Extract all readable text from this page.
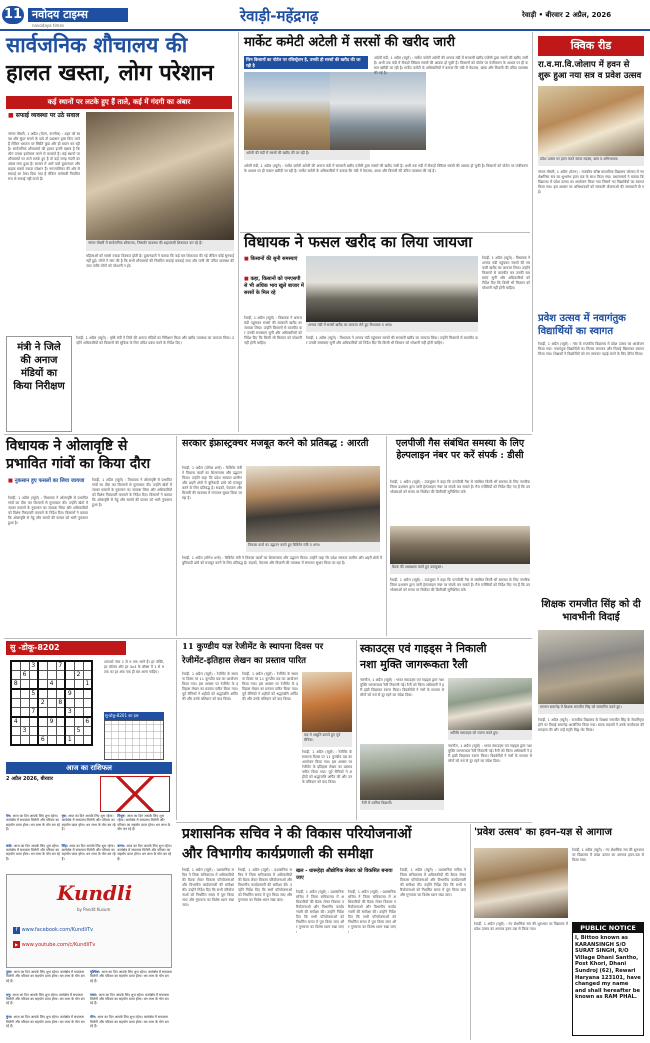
11 नवोदय टाइम्स	रेवाड़ी-महेंद्रगढ़	रेवाड़ी • बीरवार 2 अप्रैल, 2026
navodaya times
सार्वजनिक शौचालय की
हालत खस्ता, लोग परेशान
कई स्थानों पर लटके हुए हैं ताले, कई में गंदगी का अंबार
■ सफाई व्यवस्था पर उठे सवाल
नांगल चौधरी, 1 अप्रैल (चेतन, नारनौल) : शहर को स्वच्छ और सुंदर बनाने के दावे तो प्रशासन द्वारा किए जाते हैं लेकिन धरातल पर स्थिति कुछ और ही बयान कर रही है। सार्वजनिक शौचालयों की हालत इतनी खराब है कि लोग उनका इस्तेमाल करने से कतराते हैं। कई स्थानों पर शौचालयों पर ताले लटके हुए हैं तो कई जगह गंदगी का अंबार लगा हुआ है। बाजार में आने वाले दुकानदार और ग्राहक सबसे ज्यादा परेशान हैं। नगरपालिका की ओर से सफाई का ठेका दिया गया है लेकिन कर्मचारी नियमित रूप से सफाई नहीं करते हैं।
नांगल चौधरी में सार्वजनिक शौचालय, जिसकी व्यवस्था की शहरवासी शिकायत कर रहे हैं।
महिलाओं को सबसे ज्यादा दिक्कत होती है। दुकानदारों ने बताया कि कई बार शिकायत की गई लेकिन कोई सुनवाई नहीं हुई। लोगों ने मांग की है कि सभी शौचालयों की नियमित सफाई करवाई जाए और पानी की उचित व्यवस्था की जाए ताकि लोगों को परेशानी न हो।
मंत्री ने जिले की अनाज मंडियों का किया निरीक्षण
रेवाड़ी, 1 अप्रैल (ब्यूरो) : कृषि मंत्री ने जिले की अनाज मंडियों का निरीक्षण किया और खरीद व्यवस्था का जायजा लिया। उन्होंने अधिकारियों को किसानों की सुविधा के लिए उचित प्रबंध करने के निर्देश दिए।
मार्केट कमेटी अटेली में सरसों की खरीद जारी
जिन किसानों का पोर्टल पर रजिस्ट्रेशन है, उनकी ही सरसों की खरीद की जा रही है
अटेली की मंडी में सरसों की खरीद की जा रही है।
अटेली मंडी, 1 अप्रैल (ब्यूरो) : मार्केट कमेटी अटेली की अनाज मंडी में सरकारी खरीद एजेंसी द्वारा सरसों की खरीद जारी है। अभी तक मंडी में सैकड़ों क्विंटल सरसों की आवक हो चुकी है। किसानों को पोर्टल पर पंजीकरण के आधार पर ही फसल खरीदी जा रही है। मार्केट कमेटी के अधिकारियों ने बताया कि मंडी में पेयजल, छाया और बिजली की उचित व्यवस्था की गई है।
अटेली मंडी, 1 अप्रैल (ब्यूरो) : मार्केट कमेटी अटेली की अनाज मंडी में सरकारी खरीद एजेंसी द्वारा सरसों की खरीद जारी है। अभी तक मंडी में सैकड़ों क्विंटल सरसों की आवक हो चुकी है। किसानों को पोर्टल पर पंजीकरण के आधार पर ही फसल खरीदी जा रही है। मार्केट कमेटी के अधिकारियों ने बताया कि मंडी में पेयजल, छाया और बिजली की उचित व्यवस्था की गई है।
विधायक ने फसल खरीद का लिया जायजा
■ किसानों की सुनी समस्याएं
■ कहा, किसानों को एमएसपी से भी अधिक भाव खुले बाजार में सरसों के मिल रहे
रेवाड़ी, 1 अप्रैल (ब्यूरो) : विधायक ने अनाज मंडी पहुंचकर सरसों की सरकारी खरीद का जायजा लिया। उन्होंने किसानों से बातचीत कर उनकी समस्याएं सुनीं और अधिकारियों को निर्देश दिए कि किसी भी किसान को परेशानी नहीं होनी चाहिए।
अनाज मंडी में सरसों खरीद का जायजा लेते हुए विधायक व अन्य।
रेवाड़ी, 1 अप्रैल (ब्यूरो) : विधायक ने अनाज मंडी पहुंचकर सरसों की सरकारी खरीद का जायजा लिया। उन्होंने किसानों से बातचीत कर उनकी समस्याएं सुनीं और अधिकारियों को निर्देश दिए कि किसी भी किसान को परेशानी नहीं होनी चाहिए।
रेवाड़ी, 1 अप्रैल (ब्यूरो) : विधायक ने अनाज मंडी पहुंचकर सरसों की सरकारी खरीद का जायजा लिया। उन्होंने किसानों से बातचीत कर उनकी समस्याएं सुनीं और अधिकारियों को निर्देश दिए कि किसी भी किसान को परेशानी नहीं होनी चाहिए।
क्विक रीड
रा.व.मा.वि.जोलाप में हवन से शुरू हुआ नया सत्र व प्रवेश उत्सव
प्रवेश उत्सव पर हवन करते स्टाफ सदस्य, छात्र व अभिभावक
नांगल चौधरी, 1 अप्रैल (चेतन) : राजकीय वरिष्ठ माध्यमिक विद्यालय जोलाप में नए शैक्षणिक सत्र का शुभारंभ हवन यज्ञ के साथ किया गया। प्रधानाचार्य ने बताया कि विद्यालय में प्रवेश उत्सव का आयोजन किया गया जिसमें नए विद्यार्थियों का स्वागत किया गया। इस अवसर पर अभिभावकों को सरकारी योजनाओं की जानकारी दी गई।
प्रवेश उत्सव में नवागंतुक विद्यार्थियों का स्वागत
रेवाड़ी, 1 अप्रैल (ब्यूरो) : गांव के राजकीय विद्यालय में प्रवेश उत्सव का आयोजन किया गया। नवागंतुक विद्यार्थियों का तिलक लगाकर और मिठाई खिलाकर स्वागत किया गया। शिक्षकों ने विद्यार्थियों को मन लगाकर पढ़ाई करने के लिए प्रेरित किया।
शिक्षक रामजीत सिंह को दी भावभीनी विदाई
सम्मान समारोह में शिक्षक रामजीत सिंह को सम्मानित करते हुए।
रेवाड़ी, 1 अप्रैल (ब्यूरो) : राजकीय विद्यालय के शिक्षक रामजीत सिंह के सेवानिवृत्त होने पर विदाई समारोह आयोजित किया गया। स्टाफ सदस्यों ने उनके कार्यकाल की सराहना की और उन्हें स्मृति चिह्न भेंट किया।
विधायक ने ओलावृष्टि से
प्रभावित गांवों का किया दौरा
■ नुकसान हुए फसलों का लिया जायजा
रेवाड़ी, 1 अप्रैल (ब्यूरो) : विधायक ने ओलावृष्टि से प्रभावित गांवों का दौरा कर किसानों से मुलाकात की। उन्होंने खेतों में जाकर फसलों के नुकसान का जायजा लिया और अधिकारियों को विशेष गिरदावरी करवाने के निर्देश दिए। किसानों ने बताया कि ओलावृष्टि से गेहूं और सरसों की फसल को भारी नुकसान हुआ है।
रेवाड़ी, 1 अप्रैल (ब्यूरो) : विधायक ने ओलावृष्टि से प्रभावित गांवों का दौरा कर किसानों से मुलाकात की। उन्होंने खेतों में जाकर फसलों के नुकसान का जायजा लिया और अधिकारियों को विशेष गिरदावरी करवाने के निर्देश दिए। किसानों ने बताया कि ओलावृष्टि से गेहूं और सरसों की फसल को भारी नुकसान हुआ है।
सरकार इंफ्रास्ट्रक्चर मजबूत करने को प्रतिबद्ध : आरती
रेवाड़ी, 1 अप्रैल (योगेश शर्मा) : कैबिनेट मंत्री ने विकास कार्यों का शिलान्यास और उद्घाटन किया। उन्होंने कहा कि प्रदेश सरकार ग्रामीण और शहरी क्षेत्रों में बुनियादी ढांचे को मजबूत करने के लिए प्रतिबद्ध है। सड़कों, पेयजल और बिजली की व्यवस्था में लगातार सुधार किया जा रहा है।
विकास कार्य का उद्घाटन करते हुए कैबिनेट मंत्री व अन्य।
रेवाड़ी, 1 अप्रैल (योगेश शर्मा) : कैबिनेट मंत्री ने विकास कार्यों का शिलान्यास और उद्घाटन किया। उन्होंने कहा कि प्रदेश सरकार ग्रामीण और शहरी क्षेत्रों में बुनियादी ढांचे को मजबूत करने के लिए प्रतिबद्ध है। सड़कों, पेयजल और बिजली की व्यवस्था में लगातार सुधार किया जा रहा है।
एलपीजी गैस संबंधित समस्या के लिए हेल्पलाइन नंबर पर करें संपर्क : डीसी
रेवाड़ी, 1 अप्रैल (ब्यूरो) : उपायुक्त ने कहा कि एलपीजी गैस से संबंधित किसी भी समस्या के लिए नागरिक जिला प्रशासन द्वारा जारी हेल्पलाइन नंबर पर संपर्क कर सकते हैं। गैस एजेंसियों को निर्देश दिए गए हैं कि उपभोक्ताओं को समय पर सिलेंडर की डिलीवरी सुनिश्चित करें।
बैठक की अध्यक्षता करते हुए उपायुक्त।
रेवाड़ी, 1 अप्रैल (ब्यूरो) : उपायुक्त ने कहा कि एलपीजी गैस से संबंधित किसी भी समस्या के लिए नागरिक जिला प्रशासन द्वारा जारी हेल्पलाइन नंबर पर संपर्क कर सकते हैं। गैस एजेंसियों को निर्देश दिए गए हैं कि उपभोक्ताओं को समय पर सिलेंडर की डिलीवरी सुनिश्चित करें।
सु -डोकू-8202
		3			7			
	6						2	
8				4				1
		5				9		
			2		8			
		7				3		
4				9				6
	3						5	
			6			1		
आपको नंबर 1 से 9 तक भरने हैं। हर पंक्ति, हर कॉलम और हर 3x3 के बॉक्स में 1 से 9 तक का हर अंक एक ही बार आना चाहिए।
सु-डोकू-8201 का हल
आज का राशिफल
2 अप्रैल 2026, बीरवार
मेष: आज का दिन आपके लिए शुभ रहेगा। कार्यक्षेत्र में सफलता मिलेगी और परिवार का सहयोग प्राप्त होगा। धन लाभ के योग बन रहे हैं।
वृष: आज का दिन आपके लिए शुभ रहेगा। कार्यक्षेत्र में सफलता मिलेगी और परिवार का सहयोग प्राप्त होगा। धन लाभ के योग बन रहे हैं।
मिथुन: आज का दिन आपके लिए शुभ रहेगा। कार्यक्षेत्र में सफलता मिलेगी और परिवार का सहयोग प्राप्त होगा। धन लाभ के योग बन रहे हैं।
कर्क: आज का दिन आपके लिए शुभ रहेगा। कार्यक्षेत्र में सफलता मिलेगी और परिवार का सहयोग प्राप्त होगा। धन लाभ के योग बन रहे हैं।
सिंह: आज का दिन आपके लिए शुभ रहेगा। कार्यक्षेत्र में सफलता मिलेगी और परिवार का सहयोग प्राप्त होगा। धन लाभ के योग बन रहे हैं।
कन्या: आज का दिन आपके लिए शुभ रहेगा। कार्यक्षेत्र में सफलता मिलेगी और परिवार का सहयोग प्राप्त होगा। धन लाभ के योग बन रहे हैं।
Kundli
by Pandit Kusum
f www.facebook.com/KundliTv
▶ www.youtube.com/c/KundliTv
तुला: आज का दिन आपके लिए शुभ रहेगा। कार्यक्षेत्र में सफलता मिलेगी और परिवार का सहयोग प्राप्त होगा। धन लाभ के योग बन रहे हैं।
वृश्चिक: आज का दिन आपके लिए शुभ रहेगा। कार्यक्षेत्र में सफलता मिलेगी और परिवार का सहयोग प्राप्त होगा। धन लाभ के योग बन रहे हैं।
धनु: आज का दिन आपके लिए शुभ रहेगा। कार्यक्षेत्र में सफलता मिलेगी और परिवार का सहयोग प्राप्त होगा। धन लाभ के योग बन रहे हैं।
मकर: आज का दिन आपके लिए शुभ रहेगा। कार्यक्षेत्र में सफलता मिलेगी और परिवार का सहयोग प्राप्त होगा। धन लाभ के योग बन रहे हैं।
कुंभ: आज का दिन आपके लिए शुभ रहेगा। कार्यक्षेत्र में सफलता मिलेगी और परिवार का सहयोग प्राप्त होगा। धन लाभ के योग बन रहे हैं।
मीन: आज का दिन आपके लिए शुभ रहेगा। कार्यक्षेत्र में सफलता मिलेगी और परिवार का सहयोग प्राप्त होगा। धन लाभ के योग बन रहे हैं।
11 कुण्डीय यज्ञ रेजीमेंट के स्थापना दिवस पर
रेजीमेंट-इतिहास लेखन का प्रस्ताव पारित
रेवाड़ी, 1 अप्रैल (ब्यूरो) : रेजीमेंट के स्थापना दिवस पर 11 कुण्डीय यज्ञ का आयोजन किया गया। इस अवसर पर रेजीमेंट के इतिहास लेखन का प्रस्ताव पारित किया गया। पूर्व सैनिकों ने शहीदों को श्रद्धांजलि अर्पित की और उनके बलिदान को याद किया।
रेवाड़ी, 1 अप्रैल (ब्यूरो) : रेजीमेंट के स्थापना दिवस पर 11 कुण्डीय यज्ञ का आयोजन किया गया। इस अवसर पर रेजीमेंट के इतिहास लेखन का प्रस्ताव पारित किया गया। पूर्व सैनिकों ने शहीदों को श्रद्धांजलि अर्पित की और उनके बलिदान को याद किया।
यज्ञ में आहुति डालते हुए पूर्व सैनिक।
रेवाड़ी, 1 अप्रैल (ब्यूरो) : रेजीमेंट के स्थापना दिवस पर 11 कुण्डीय यज्ञ का आयोजन किया गया। इस अवसर पर रेजीमेंट के इतिहास लेखन का प्रस्ताव पारित किया गया। पूर्व सैनिकों ने शहीदों को श्रद्धांजलि अर्पित की और उनके बलिदान को याद किया।
स्काउट्स एवं गाइड्स ने निकाली
नशा मुक्ति जागरूकता रैली
नारनौल, 1 अप्रैल (ब्यूरो) : भारत स्काउट्स एवं गाइड्स द्वारा नशा मुक्ति जागरूकता रैली निकाली गई। रैली को जिला अधिकारी ने हरी झंडी दिखाकर रवाना किया। विद्यार्थियों ने नारों के माध्यम से लोगों को नशे से दूर रहने का संदेश दिया।
अतिथि स्काउट्स को रवाना करते हुए।
रैली में शामिल विद्यार्थी।
नारनौल, 1 अप्रैल (ब्यूरो) : भारत स्काउट्स एवं गाइड्स द्वारा नशा मुक्ति जागरूकता रैली निकाली गई। रैली को जिला अधिकारी ने हरी झंडी दिखाकर रवाना किया। विद्यार्थियों ने नारों के माध्यम से लोगों को नशे से दूर रहने का संदेश दिया।
प्रशासनिक सचिव ने की विकास परियोजनाओं
और विभागीय कार्यप्रणाली की समीक्षा
खल - धारूहेड़ा औद्योगिक सेक्टर को विकसित बनाया जाए
रेवाड़ी, 1 अप्रैल (ब्यूरो) : प्रशासनिक सचिव ने जिला सचिवालय में अधिकारियों की बैठक लेकर विकास परियोजनाओं और विभागीय कार्यप्रणाली की समीक्षा की। उन्होंने निर्देश दिए कि सभी परियोजनाओं को निर्धारित समय में पूरा किया जाए और गुणवत्ता का विशेष ध्यान रखा जाए।
रेवाड़ी, 1 अप्रैल (ब्यूरो) : प्रशासनिक सचिव ने जिला सचिवालय में अधिकारियों की बैठक लेकर विकास परियोजनाओं और विभागीय कार्यप्रणाली की समीक्षा की। उन्होंने निर्देश दिए कि सभी परियोजनाओं को निर्धारित समय में पूरा किया जाए और गुणवत्ता का विशेष ध्यान रखा जाए।
रेवाड़ी, 1 अप्रैल (ब्यूरो) : प्रशासनिक सचिव ने जिला सचिवालय में अधिकारियों की बैठक लेकर विकास परियोजनाओं और विभागीय कार्यप्रणाली की समीक्षा की। उन्होंने निर्देश दिए कि सभी परियोजनाओं को निर्धारित समय में पूरा किया जाए और गुणवत्ता का विशेष ध्यान रखा जाए।
रेवाड़ी, 1 अप्रैल (ब्यूरो) : प्रशासनिक सचिव ने जिला सचिवालय में अधिकारियों की बैठक लेकर विकास परियोजनाओं और विभागीय कार्यप्रणाली की समीक्षा की। उन्होंने निर्देश दिए कि सभी परियोजनाओं को निर्धारित समय में पूरा किया जाए और गुणवत्ता का विशेष ध्यान रखा जाए।
रेवाड़ी, 1 अप्रैल (ब्यूरो) : प्रशासनिक सचिव ने जिला सचिवालय में अधिकारियों की बैठक लेकर विकास परियोजनाओं और विभागीय कार्यप्रणाली की समीक्षा की। उन्होंने निर्देश दिए कि सभी परियोजनाओं को निर्धारित समय में पूरा किया जाए और गुणवत्ता का विशेष ध्यान रखा जाए।
'प्रवेश उत्सव' का हवन-यज्ञ से आगाज
रेवाड़ी, 1 अप्रैल (ब्यूरो) : नए शैक्षणिक सत्र की शुरुआत पर विद्यालय में प्रवेश उत्सव का आगाज हवन-यज्ञ से किया गया।
रेवाड़ी, 1 अप्रैल (ब्यूरो) : नए शैक्षणिक सत्र की शुरुआत पर विद्यालय में प्रवेश उत्सव का आगाज हवन-यज्ञ से किया गया।	PUBLIC NOTICE
I, Bittoo known as KARANSINGH S/O SURAT SINGH, R/O Village Dhani Santho, Post Khori, Dhani Sundroj (62), Rewari Haryana 123101, have changed my name and shall hereafter be known as RAM PHAL.
